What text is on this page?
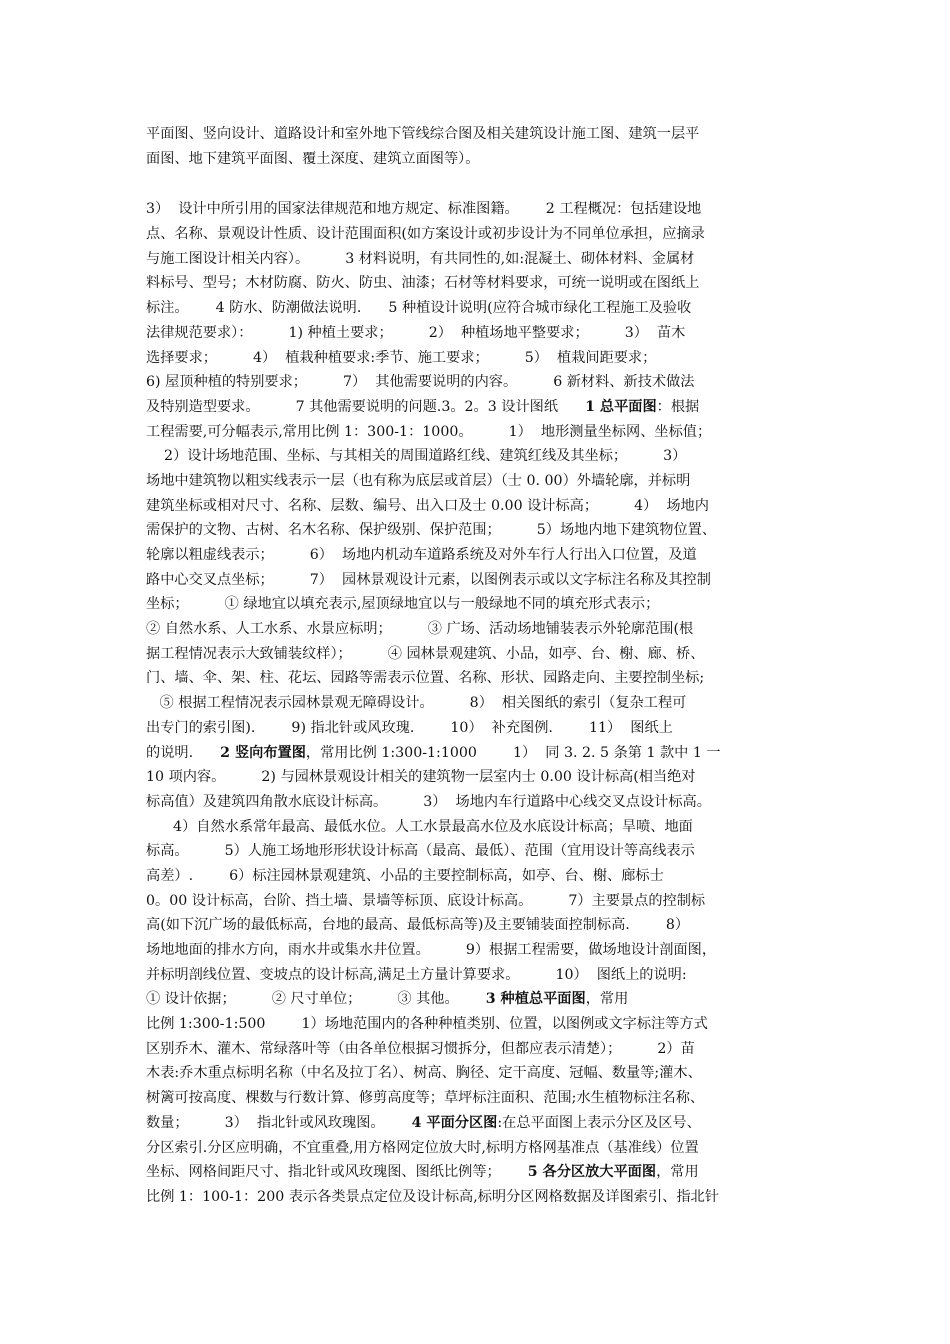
平面图、竖向设计、道路设计和室外地下管线综合图及相关建筑设计施工图、建筑一层平
面图、地下建筑平面图、覆土深度、建筑立面图等）。
3）  设计中所引用的国家法律规范和地方规定、标准图籍。      2 工程概况：包括建设地
点、名称、景观设计性质、设计范围面积(如方案设计或初步设计为不同单位承担，应摘录
与施工图设计相关内容）。        3 材料说明，有共同性的,如:混凝土、砌体材料、金属材
料标号、型号；木材防腐、防火、防虫、油漆；石材等材料要求，可统一说明或在图纸上
标注。      4 防水、防潮做法说明.      5 种植设计说明(应符合城市绿化工程施工及验收
法律规范要求）：        1) 种植土要求；        2）  种植场地平整要求；        3）  苗木
选择要求；        4）  植栽种植要求:季节、施工要求；        5）  植栽间距要求；
6) 屋顶种植的特别要求；        7）  其他需要说明的内容。        6 新材料、新技术做法
及特别造型要求。        7 其他需要说明的问题.3。2。3 设计图纸      1 总平面图：根据
工程需要,可分幅表示,常用比例 1：300-1：1000。        1）  地形测量坐标网、坐标值；
2）设计场地范围、坐标、与其相关的周围道路红线、建筑红线及其坐标；        3）
场地中建筑物以粗实线表示一层（也有称为底层或首层）（士 0. 00）外墙轮廓，并标明
建筑坐标或相对尺寸、名称、层数、编号、出入口及士 0.00 设计标高；        4）  场地内
需保护的文物、古树、名木名称、保护级别、保护范围；        5）场地内地下建筑物位置、
轮廓以粗虚线表示；        6）  场地内机动车道路系统及对外车行人行出入口位置，及道
路中心交叉点坐标；        7）  园林景观设计元素，以图例表示或以文字标注名称及其控制
坐标；        ① 绿地宜以填充表示,屋顶绿地宜以与一般绿地不同的填充形式表示；
② 自然水系、人工水系、水景应标明；        ③ 广场、活动场地铺装表示外轮廓范围(根
据工程情况表示大致铺装纹样）；        ④ 园林景观建筑、小品，如亭、台、榭、廊、桥、
门、墙、伞、架、柱、花坛、园路等需表示位置、名称、形状、园路走向、主要控制坐标;
⑤ 根据工程情况表示园林景观无障碍设计。        8）  相关图纸的索引（复杂工程可
出专门的索引图).        9) 指北针或风玫瑰.        10）  补充图例.        11）  图纸上
的说明.      2 竖向布置图，常用比例 1:300-1:1000        1）  同 3. 2. 5 条第 1 款中 1 一
10 项内容。        2) 与园林景观设计相关的建筑物一层室内士 0.00 设计标高(相当绝对
标高值）及建筑四角散水底设计标高。        3）  场地内车行道路中心线交叉点设计标高。
4）自然水系常年最高、最低水位。人工水景最高水位及水底设计标高；旱喷、地面
标高。        5）人施工场地形形状设计标高（最高、最低）、范围（宜用设计等高线表示
高差）.        6）标注园林景观建筑、小品的主要控制标高，如亭、台、榭、廊标士
0。00 设计标高，台阶、挡土墙、景墙等标顶、底设计标高。        7）主要景点的控制标
高(如下沉广场的最低标高，台地的最高、最低标高等)及主要铺装面控制标高.        8）
场地地面的排水方向，雨水井或集水井位置。        9）根据工程需要，做场地设计剖面图，
并标明剖线位置、变坡点的设计标高,满足土方量计算要求。        10）  图纸上的说明:
① 设计依据；        ② 尺寸单位；        ③ 其他。      3 种植总平面图，常用
比例 1:300-1:500        1）场地范围内的各种种植类别、位置，以图例或文字标注等方式
区别乔木、灌木、常绿落叶等（由各单位根据习惯拆分，但都应表示清楚）；        2）苗
木表:乔木重点标明名称（中名及拉丁名）、树高、胸径、定干高度、冠幅、数量等;灌木、
树篱可按高度、棵数与行数计算、修剪高度等；草坪标注面积、范围;水生植物标注名称、
数量；        3）  指北针或风玫瑰图。      4 平面分区图:在总平面图上表示分区及区号、
分区索引.分区应明确，不宜重叠,用方格网定位放大时,标明方格网基准点（基准线）位置
坐标、网格间距尺寸、指北针或风玫瑰图、图纸比例等；      5 各分区放大平面图，常用
比例 1：100-1：200 表示各类景点定位及设计标高,标明分区网格数据及详图索引、指北针
